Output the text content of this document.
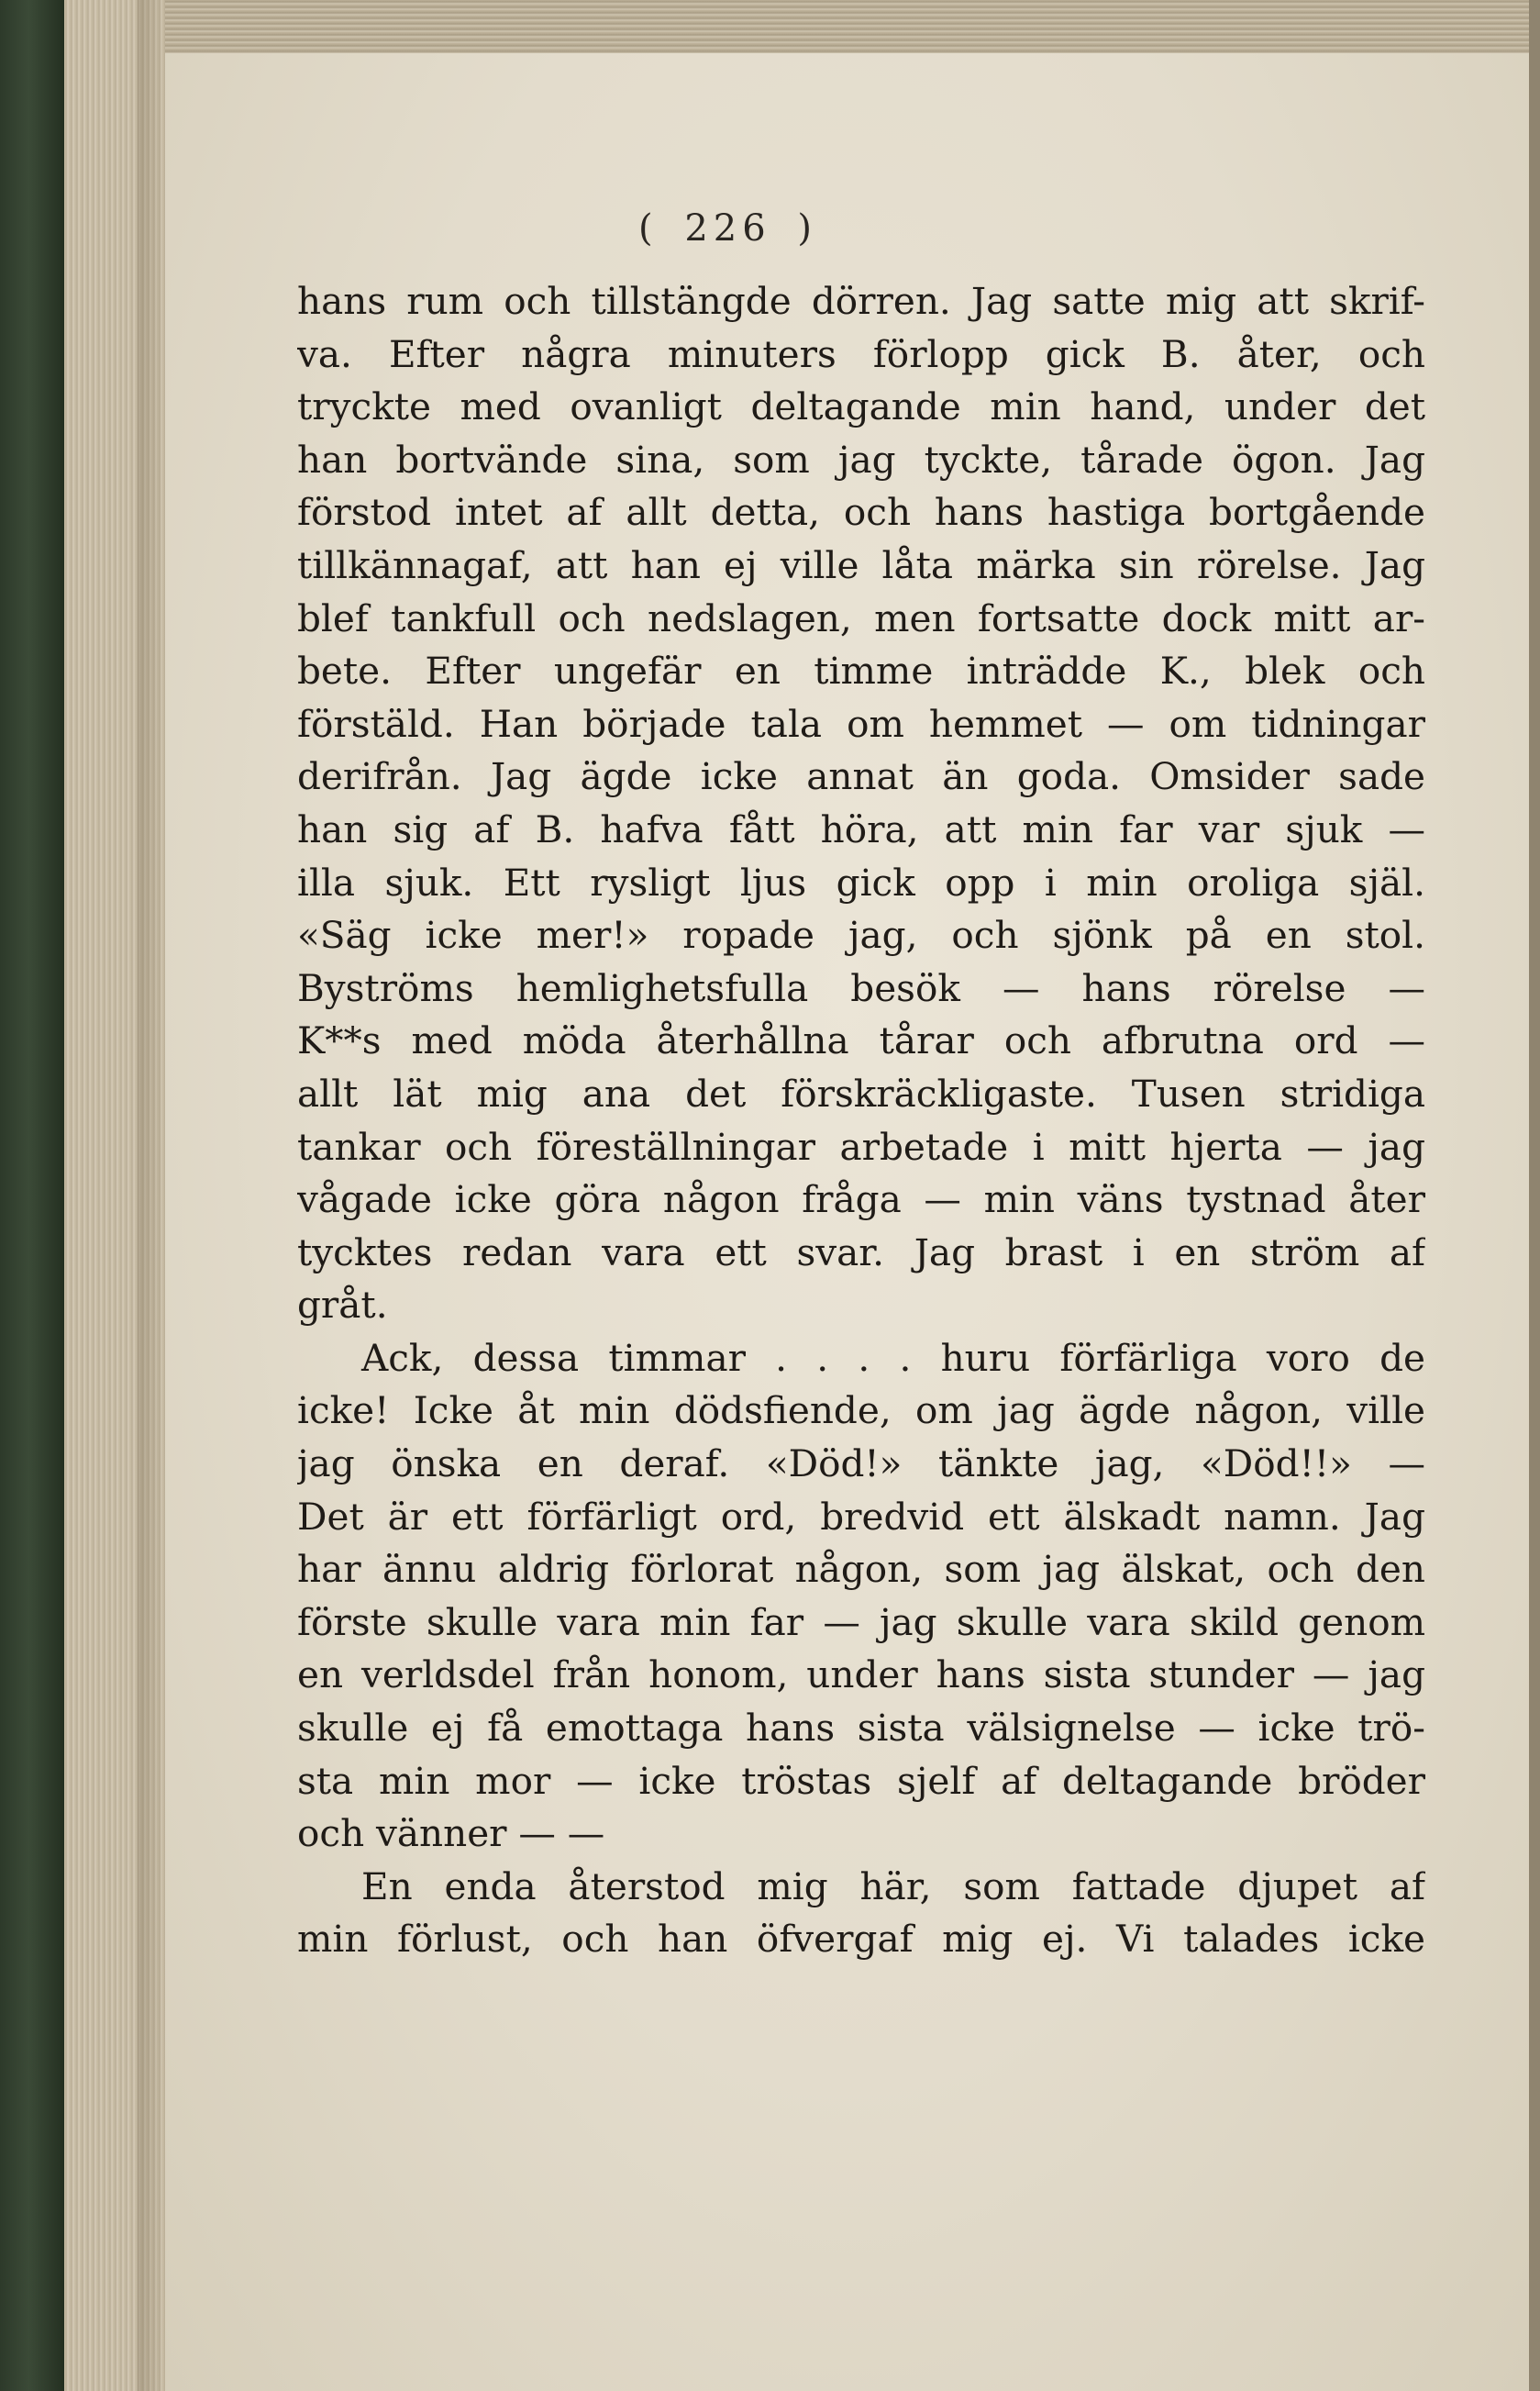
( 226 )
hans rum och tillstängde dörren. Jag satte mig att skrif-
va. Efter några minuters förlopp gick B. åter, och
tryckte med ovanligt deltagande min hand, under det
han bortvände sina, som jag tyckte, tårade ögon. Jag
förstod intet af allt detta, och hans hastiga bortgående
tillkännagaf, att han ej ville låta märka sin rörelse. Jag
blef tankfull och nedslagen, men fortsatte dock mitt ar-
bete. Efter ungefär en timme inträdde K., blek och
förstäld. Han började tala om hemmet — om tidningar
derifrån. Jag ägde icke annat än goda. Omsider sade
han sig af B. hafva fått höra, att min far var sjuk —
illa sjuk. Ett rysligt ljus gick opp i min oroliga själ.
«Säg icke mer!» ropade jag, och sjönk på en stol.
Byströms hemlighetsfulla besök — hans rörelse —
K**s med möda återhållna tårar och afbrutna ord —
allt lät mig ana det förskräckligaste. Tusen stridiga
tankar och föreställningar arbetade i mitt hjerta — jag
vågade icke göra någon fråga — min väns tystnad åter
tycktes redan vara ett svar. Jag brast i en ström af
gråt.
Ack, dessa timmar . . . . huru förfärliga voro de
icke! Icke åt min dödsfiende, om jag ägde någon, ville
jag önska en deraf. «Död!» tänkte jag, «Död!!» —
Det är ett förfärligt ord, bredvid ett älskadt namn. Jag
har ännu aldrig förlorat någon, som jag älskat, och den
förste skulle vara min far — jag skulle vara skild genom
en verldsdel från honom, under hans sista stunder — jag
skulle ej få emottaga hans sista välsignelse — icke trö-
sta min mor — icke tröstas sjelf af deltagande bröder
och vänner — —
En enda återstod mig här, som fattade djupet af
min förlust, och han öfvergaf mig ej. Vi talades icke
